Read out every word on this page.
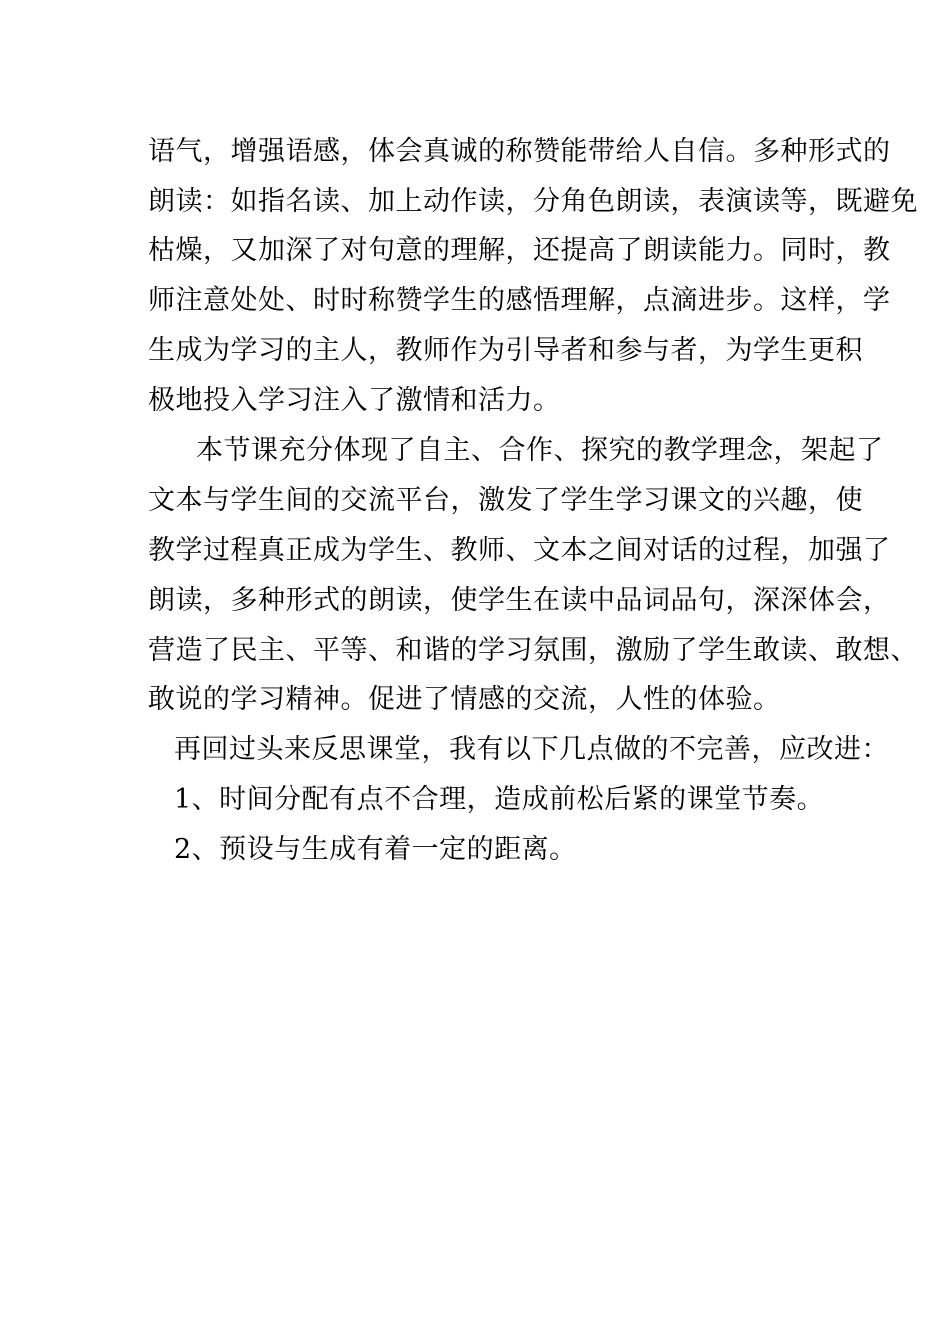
语气，增强语感，体会真诚的称赞能带给人自信。多种形式的
朗读：如指名读、加上动作读，分角色朗读，表演读等，既避免
枯燥，又加深了对句意的理解，还提高了朗读能力。同时，教
师注意处处、时时称赞学生的感悟理解，点滴进步。这样，学
生成为学习的主人，教师作为引导者和参与者，为学生更积
极地投入学习注入了激情和活力。
本节课充分体现了自主、合作、探究的教学理念，架起了
文本与学生间的交流平台，激发了学生学习课文的兴趣，使
教学过程真正成为学生、教师、文本之间对话的过程，加强了
朗读，多种形式的朗读，使学生在读中品词品句，深深体会，
营造了民主、平等、和谐的学习氛围，激励了学生敢读、敢想、
敢说的学习精神。促进了情感的交流，人性的体验。
再回过头来反思课堂，我有以下几点做的不完善，应改进：
1、时间分配有点不合理，造成前松后紧的课堂节奏。
2、预设与生成有着一定的距离。
